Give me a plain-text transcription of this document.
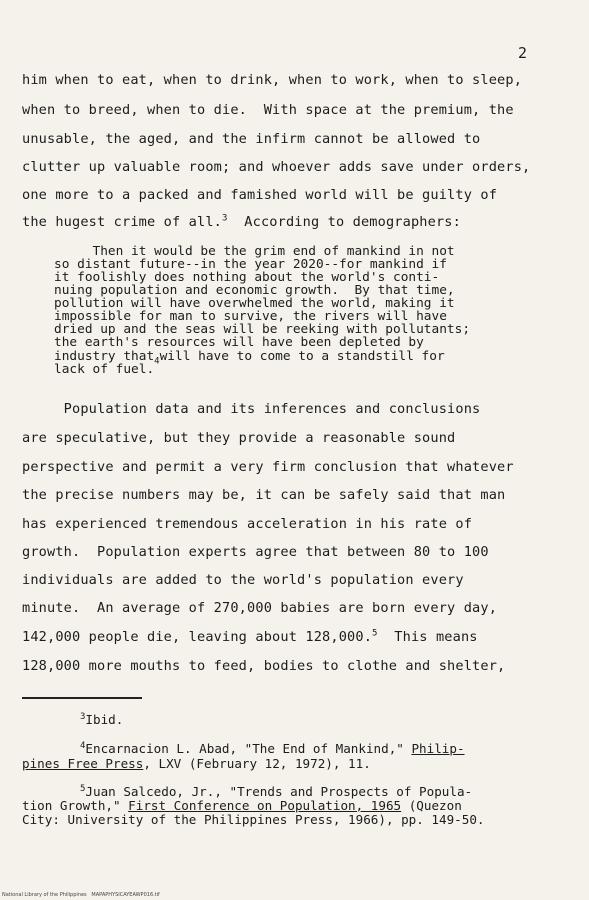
2
him when to eat, when to drink, when to work, when to sleep,
when to breed, when to die.  With space at the premium, the
unusable, the aged, and the infirm cannot be allowed to
clutter up valuable room; and whoever adds save under orders,
one more to a packed and famished world will be guilty of
the hugest crime of all.$^3$  According to demographers:
Then it would be the grim end of mankind in not
so distant future--in the year 2020--for mankind if
it foolishly does nothing about the world's conti-
nuing population and economic growth.  By that time,
pollution will have overwhelmed the world, making it
impossible for man to survive, the rivers will have
dried up and the seas will be reeking with pollutants;
the earth's resources will have been depleted by
industry that$_4$will have to come to a standstill for
lack of fuel.
Population data and its inferences and conclusions
are speculative, but they provide a reasonable sound
perspective and permit a very firm conclusion that whatever
the precise numbers may be, it can be safely said that man
has experienced tremendous acceleration in his rate of
growth.  Population experts agree that between 80 to 100
individuals are added to the world's population every
minute.  An average of 270,000 babies are born every day,
142,000 people die, leaving about 128,000.$^5$  This means
128,000 more mouths to feed, bodies to clothe and shelter,
$^3$Ibid.
$^4$Encarnacion L. Abad, "The End of Mankind," Philip-
pines Free Press, LXV (February 12, 1972), 11.
$^5$Juan Salcedo, Jr., "Trends and Prospects of Popula-
tion Growth," First Conference on Population, 1965 (Quezon
City: University of the Philippines Press, 1966), pp. 149-50.
National Library of the Philippines   MAPAPHYSICAYEAWP016.tif
